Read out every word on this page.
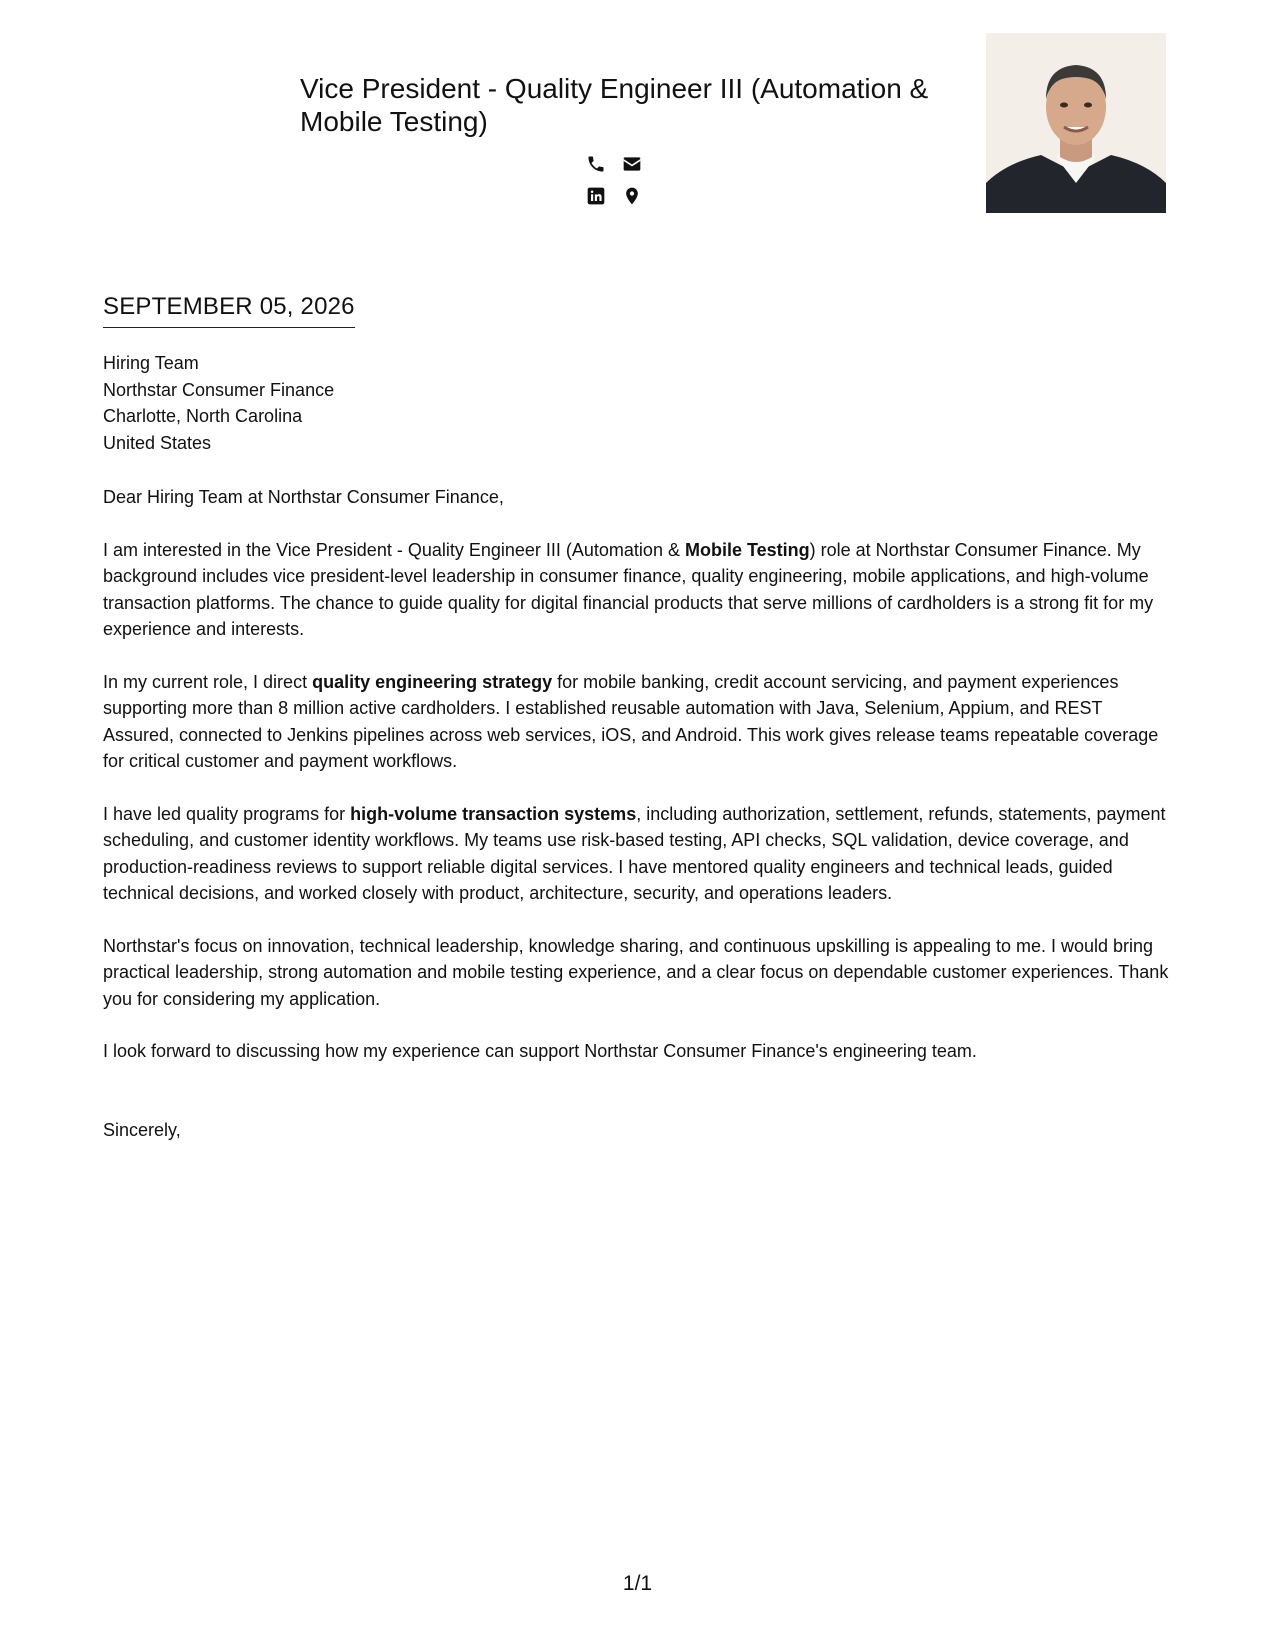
Vice President - Quality Engineer III (Automation & Mobile Testing)
SEPTEMBER 05, 2026
Hiring Team
Northstar Consumer Finance
Charlotte, North Carolina
United States

Dear Hiring Team at Northstar Consumer Finance,

I am interested in the Vice President - Quality Engineer III (Automation & Mobile Testing) role at Northstar Consumer Finance. My background includes vice president-level leadership in consumer finance, quality engineering, mobile applications, and high-volume transaction platforms. The chance to guide quality for digital financial products that serve millions of cardholders is a strong fit for my experience and interests.

In my current role, I direct quality engineering strategy for mobile banking, credit account servicing, and payment experiences supporting more than 8 million active cardholders. I established reusable automation with Java, Selenium, Appium, and REST Assured, connected to Jenkins pipelines across web services, iOS, and Android. This work gives release teams repeatable coverage for critical customer and payment workflows.

I have led quality programs for high-volume transaction systems, including authorization, settlement, refunds, statements, payment scheduling, and customer identity workflows. My teams use risk-based testing, API checks, SQL validation, device coverage, and production-readiness reviews to support reliable digital services. I have mentored quality engineers and technical leads, guided technical decisions, and worked closely with product, architecture, security, and operations leaders.

Northstar's focus on innovation, technical leadership, knowledge sharing, and continuous upskilling is appealing to me. I would bring practical leadership, strong automation and mobile testing experience, and a clear focus on dependable customer experiences. Thank you for considering my application.

I look forward to discussing how my experience can support Northstar Consumer Finance's engineering team.

Sincerely,

1/1
